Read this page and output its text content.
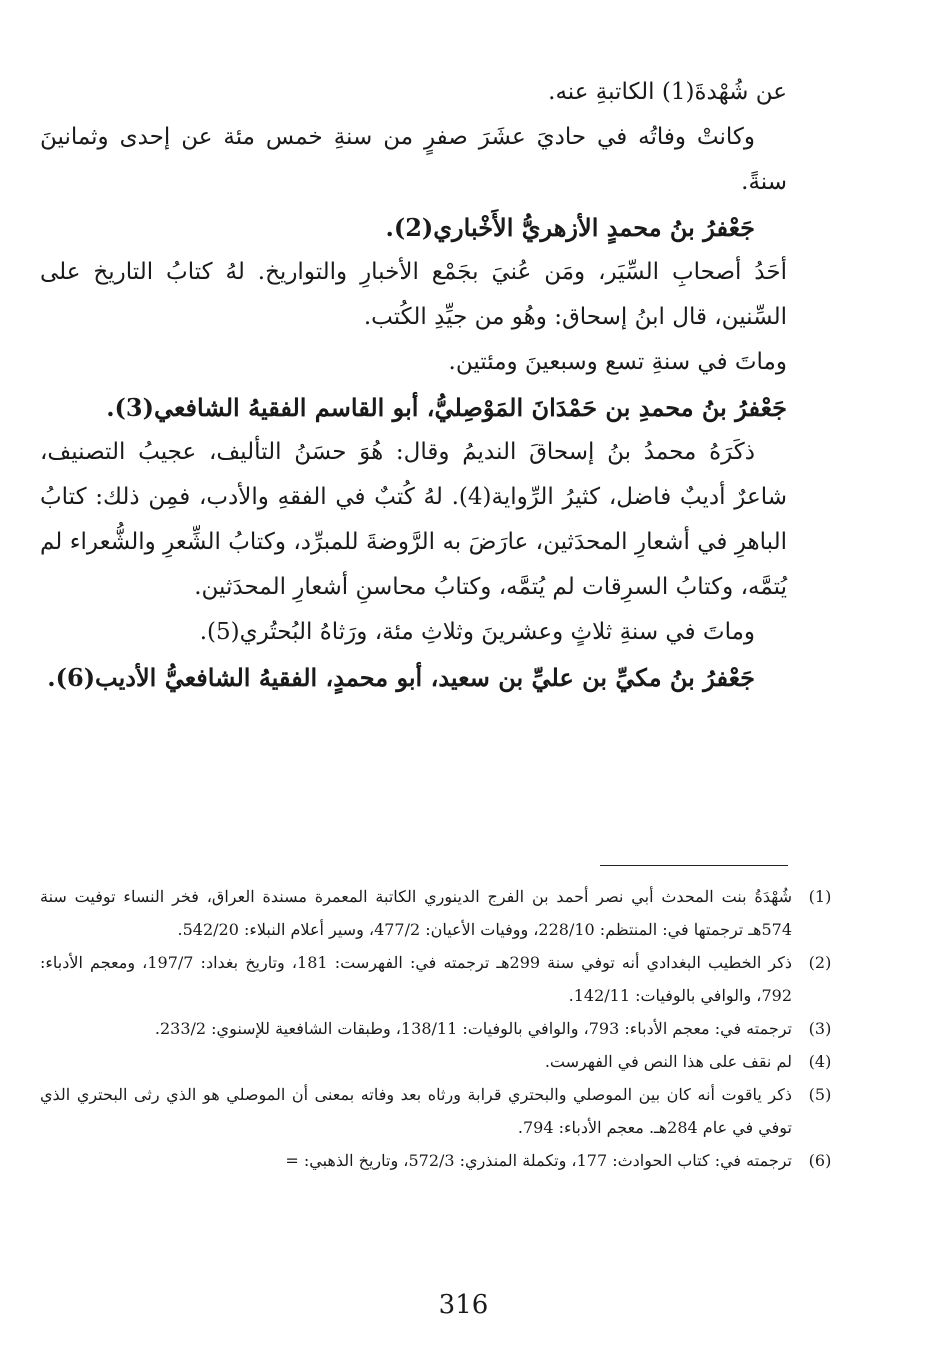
عن شُهْدةَ(1) الكاتبةِ عنه.

وكانتْ وفاتُه في حاديَ عشَرَ صفرٍ من سنةِ خمس مئة عن إحدى وثمانينَ سنةً.

جَعْفرُ بنُ محمدٍ الأزهريُّ الأَخْباري(2).

أحَدُ أصحابِ السِّيَر، ومَن عُنيَ بجَمْع الأخبارِ والتواريخ. لهُ كتابُ التاريخ على السِّنين، قال ابنُ إسحاق: وهُو من جيِّدِ الكُتب.

وماتَ في سنةِ تسع وسبعينَ ومئتين.

جَعْفرُ بنُ محمدِ بن حَمْدَانَ المَوْصِليُّ، أبو القاسم الفقيهُ الشافعي(3).

ذكَرَهُ محمدُ بنُ إسحاقَ النديمُ وقال: هُوَ حسَنُ التأليف، عجيبُ التصنيف، شاعرٌ أديبٌ فاضل، كثيرُ الرِّواية(4). لهُ كُتبٌ في الفقهِ والأدب، فمِن ذلك: كتابُ الباهرِ في أشعارِ المحدَثين، عارَضَ به الرَّوضةَ للمبرِّد، وكتابُ الشِّعرِ والشُّعراء لم يُتمَّه، وكتابُ السرِقات لم يُتمَّه، وكتابُ محاسنِ أشعارِ المحدَثين.

وماتَ في سنةِ ثلاثٍ وعشرينَ وثلاثِ مئة، ورَثاهُ البُحتُري(5).

جَعْفرُ بنُ مكيِّ بن عليِّ بن سعيد، أبو محمدٍ، الفقيهُ الشافعيُّ الأديب(6).

(1)
شُهْدَةُ بنت المحدث أبي نصر أحمد بن الفرج الدينوري الكاتبة المعمرة مسندة العراق، فخر النساء توفيت سنة 574هـ ترجمتها في: المنتظم: 228/10، ووفيات الأعيان: 477/2، وسير أعلام النبلاء: 542/20.
(2)
ذكر الخطيب البغدادي أنه توفي سنة 299هـ ترجمته في: الفهرست: 181، وتاريخ بغداد: 197/7، ومعجم الأدباء: 792، والوافي بالوفيات: 142/11.
(3)
ترجمته في: معجم الأدباء: 793، والوافي بالوفيات: 138/11، وطبقات الشافعية للإسنوي: 233/2.
(4)
لم نقف على هذا النص في الفهرست.
(5)
ذكر ياقوت أنه كان بين الموصلي والبحتري قرابة ورثاه بعد وفاته بمعنى أن الموصلي هو الذي رثى البحتري الذي توفي في عام 284هـ. معجم الأدباء: 794.
(6)
ترجمته في: كتاب الحوادث: 177، وتكملة المنذري: 572/3، وتاريخ الذهبي: =
316
